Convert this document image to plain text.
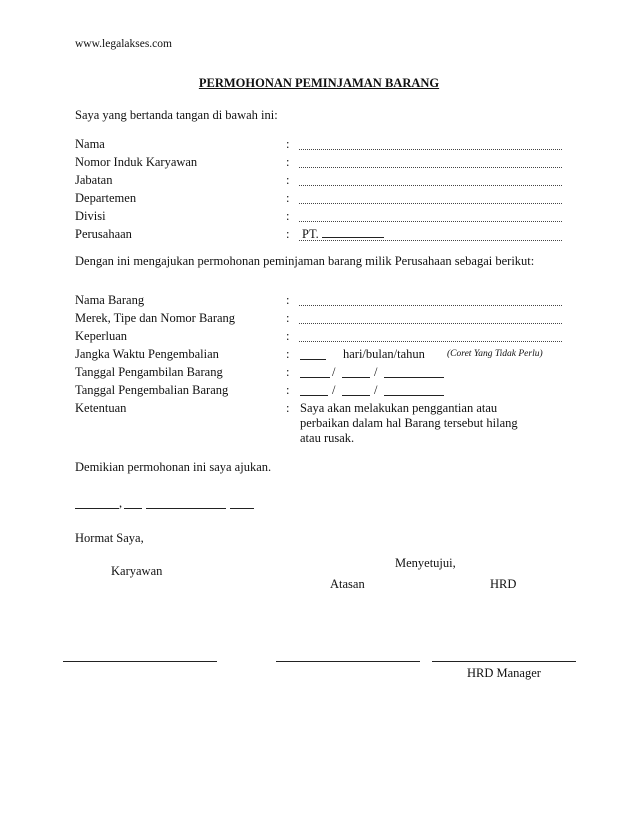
www.legalakses.com
PERMOHONAN PEMINJAMAN BARANG
Saya yang bertanda tangan di bawah ini:
Nama	:
Nomor Induk Karyawan	:
Jabatan	:
Departemen	:
Divisi	:
Perusahaan	: PT.
Dengan ini mengajukan permohonan peminjaman barang milik Perusahaan sebagai berikut:
Nama Barang	:
Merek, Tipe dan Nomor Barang	:
Keperluan	:
Jangka Waktu Pengembalian	:	hari/bulan/tahun (Coret Yang Tidak Perlu)
Tanggal Pengambilan Barang	:	/	/
Tanggal Pengembalian Barang	:	/	/
Ketentuan	: Saya akan melakukan penggantian atau
perbaikan dalam hal Barang tersebut hilang
atau rusak.
Demikian permohonan ini saya ajukan.
,
Hormat Saya,
Menyetujui,
Karyawan
Atasan	HRD
HRD Manager
